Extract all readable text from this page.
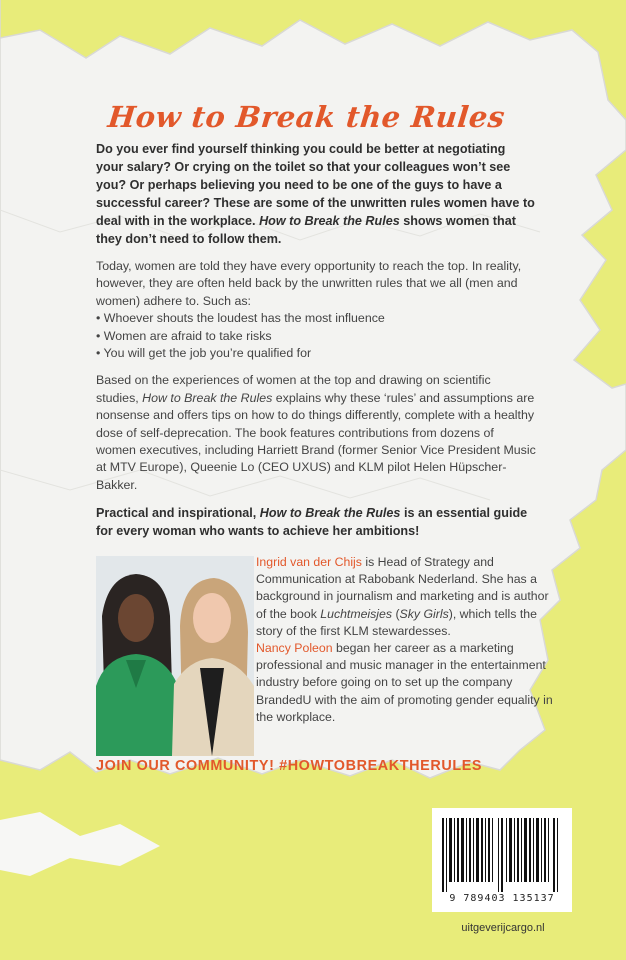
How to Break the Rules

Do you ever find yourself thinking you could be better at negotiating your salary? Or crying on the toilet so that your colleagues won’t see you? Or perhaps believing you need to be one of the guys to have a successful career? These are some of the unwritten rules women have to deal with in the workplace. How to Break the Rules shows women that they don’t need to follow them.

Today, women are told they have every opportunity to reach the top. In reality, however, they are often held back by the unwritten rules that we all (men and women) adhere to. Such as:

• Whoever shouts the loudest has the most influence
• Women are afraid to take risks
• You will get the job you’re qualified for

Based on the experiences of women at the top and drawing on scientific studies, How to Break the Rules explains why these ‘rules’ and assumptions are nonsense and offers tips on how to do things differently, complete with a healthy dose of self-deprecation. The book features contributions from dozens of women executives, including Harriett Brand (former Senior Vice President Music at MTV Europe), Queenie Lo (CEO UXUS) and KLM pilot Helen Hüpscher-Bakker.

Practical and inspirational, How to Break the Rules is an essential guide for every woman who wants to achieve her ambitions!

Ingrid van der Chijs is Head of Strategy and Communication at Rabobank Nederland. She has a background in journalism and marketing and is author of the book Luchtmeisjes (Sky Girls), which tells the story of the first KLM stewardesses.
Nancy Poleon began her career as a marketing professional and music manager in the entertainment industry before going on to set up the company BrandedU with the aim of promoting gender equality in the workplace.
JOIN OUR COMMUNITY! #HOWTOBREAKTHERULES
9 789403 135137
uitgeverijcargo.nl
